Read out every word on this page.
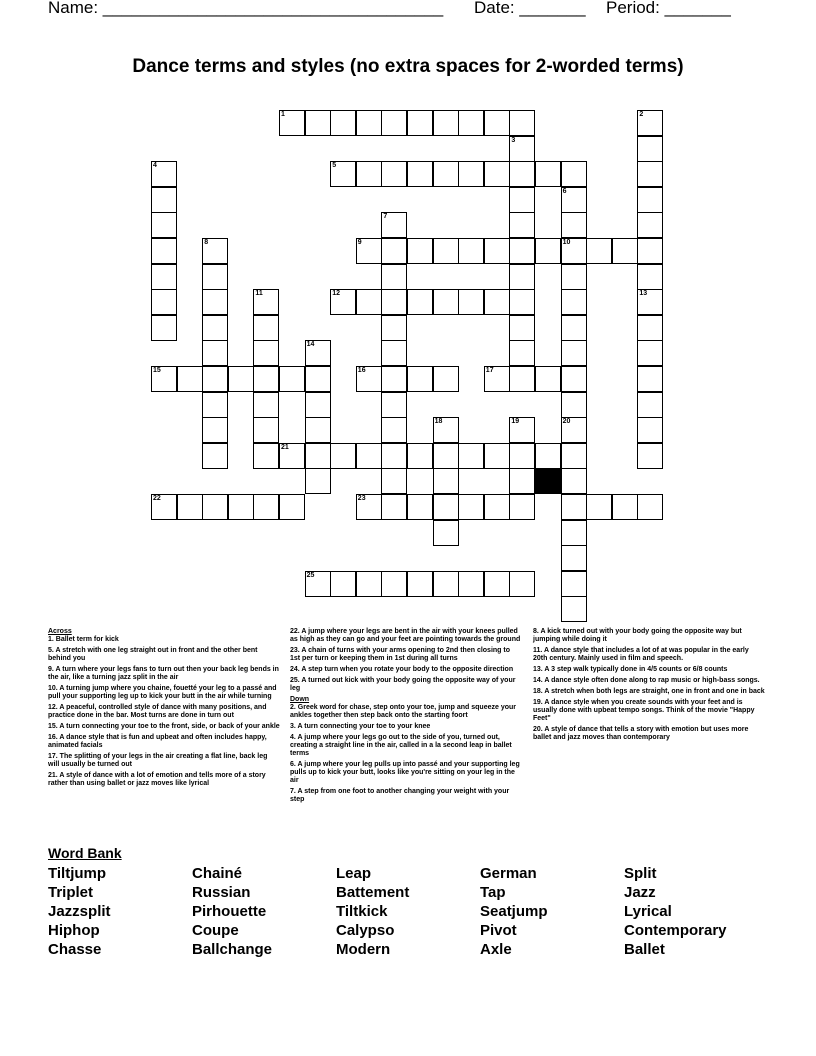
Name: ____________________________________ Date: _______ Period: _______
Dance terms and styles (no extra spaces for 2-worded terms)
1	2
13
3
4	5
6
10
20
7
8	9
11	12
14
15	16	17
18	19
21
22	23
25

Across

1. Ballet term for kick

5. A stretch with one leg straight out in front and the other bent behind you

9. A turn where your legs fans to turn out then your back leg bends in the air, like a turning jazz split in the air

10. A turning jump where you chaine, fouetté your leg to a passé and pull your supporting leg up to kick your butt in the air while turning

12. A peaceful, controlled style of dance with many positions, and practice done in the bar. Most turns are done in turn out

15. A turn connecting your toe to the front, side, or back of your ankle

16. A dance style that is fun and upbeat and often includes happy, animated facials

17. The splitting of your legs in the air creating a flat line, back leg will usually be turned out

21. A style of dance with a lot of emotion and tells more of a story rather than using ballet or jazz moves like lyrical

22. A jump where your legs are bent in the air with your knees pulled as high as they can go and your feet are pointing towards the ground

23. A chain of turns with your arms opening to 2nd then closing to 1st per turn or keeping them in 1st during all turns

24. A step turn when you rotate your body to the opposite direction

25. A turned out kick with your body going the opposite way of your leg

Down

2. Greek word for chase, step onto your toe, jump and squeeze your ankles together then step back onto the starting foort

3. A turn connecting your toe to your knee

4. A jump where your legs go out to the side of you, turned out, creating a straight line in the air, called in a la second leap in ballet terms

6. A jump where your leg pulls up into passé and your supporting leg pulls up to kick your butt, looks like you're sitting on your leg in the air

7. A step from one foot to another changing your weight with your step

8. A kick turned out with your body going the opposite way but jumping while doing it

11. A dance style that includes a lot of at was popular in the early 20th century. Mainly used in film and speech.

13. A 3 step walk typically done in 4/5 counts or 6/8 counts

14. A dance style often done along to rap music or high-bass songs.

18. A stretch when both legs are straight, one in front and one in back

19. A dance style when you create sounds with your feet and is usually done with upbeat tempo songs. Think of the movie "Happy Feet"

20. A style of dance that tells a story with emotion but uses more ballet and jazz moves than contemporary

Word Bank
Tiltjump
Triplet
Jazzsplit
Hiphop
Chasse
Chainé
Russian
Pirhouette
Coupe
Ballchange
Leap
Battement
Tiltkick
Calypso
Modern
German
Tap
Seatjump
Pivot
Axle
Split
Jazz
Lyrical
Contemporary
Ballet
